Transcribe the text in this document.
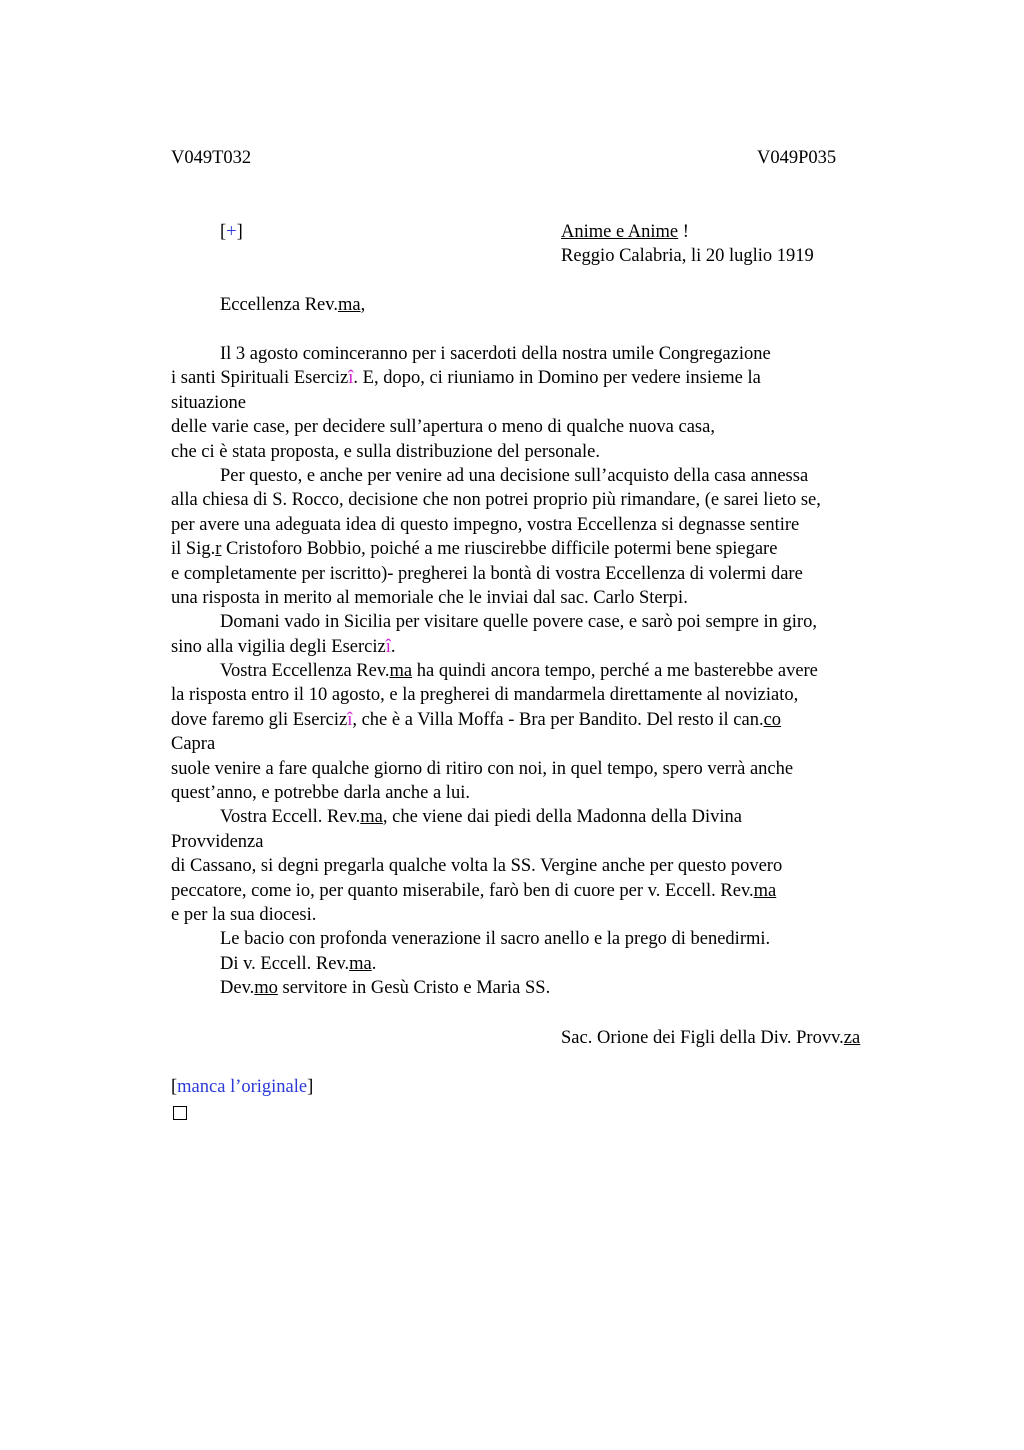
V049T032	V049P035
[+]	Anime e Anime !
Reggio Calabria, li 20 luglio 1919
Eccellenza Rev.ma,
Il 3 agosto cominceranno per i sacerdoti della nostra umile Congregazione
i santi Spirituali Esercizî. E, dopo, ci riuniamo in Domino per vedere insieme la
situazione
delle varie case, per decidere sull’apertura o meno di qualche nuova casa,
che ci è stata proposta, e sulla distribuzione del personale.
Per questo, e anche per venire ad una decisione sull’acquisto della casa annessa
alla chiesa di S. Rocco, decisione che non potrei proprio più rimandare, (e sarei lieto se,
per avere una adeguata idea di questo impegno, vostra Eccellenza si degnasse sentire
il Sig.r Cristoforo Bobbio, poiché a me riuscirebbe difficile potermi bene spiegare
e completamente per iscritto)- pregherei la bontà di vostra Eccellenza di volermi dare
una risposta in merito al memoriale che le inviai dal sac. Carlo Sterpi.
Domani vado in Sicilia per visitare quelle povere case, e sarò poi sempre in giro,
sino alla vigilia degli Esercizî.
Vostra Eccellenza Rev.ma ha quindi ancora tempo, perché a me basterebbe avere
la risposta entro il 10 agosto, e la pregherei di mandarmela direttamente al noviziato,
dove faremo gli Esercizî, che è a Villa Moffa - Bra per Bandito. Del resto il can.co
Capra
suole venire a fare qualche giorno di ritiro con noi, in quel tempo, spero verrà anche
quest’anno, e potrebbe darla anche a lui.
Vostra Eccell. Rev.ma, che viene dai piedi della Madonna della Divina
Provvidenza
di Cassano, si degni pregarla qualche volta la SS. Vergine anche per questo povero
peccatore, come io, per quanto miserabile, farò ben di cuore per v. Eccell. Rev.ma
e per la sua diocesi.
Le bacio con profonda venerazione il sacro anello e la prego di benedirmi.
Di v. Eccell. Rev.ma.
Dev.mo servitore in Gesù Cristo e Maria SS.
Sac. Orione dei Figli della Div. Provv.za
[manca l’originale]
